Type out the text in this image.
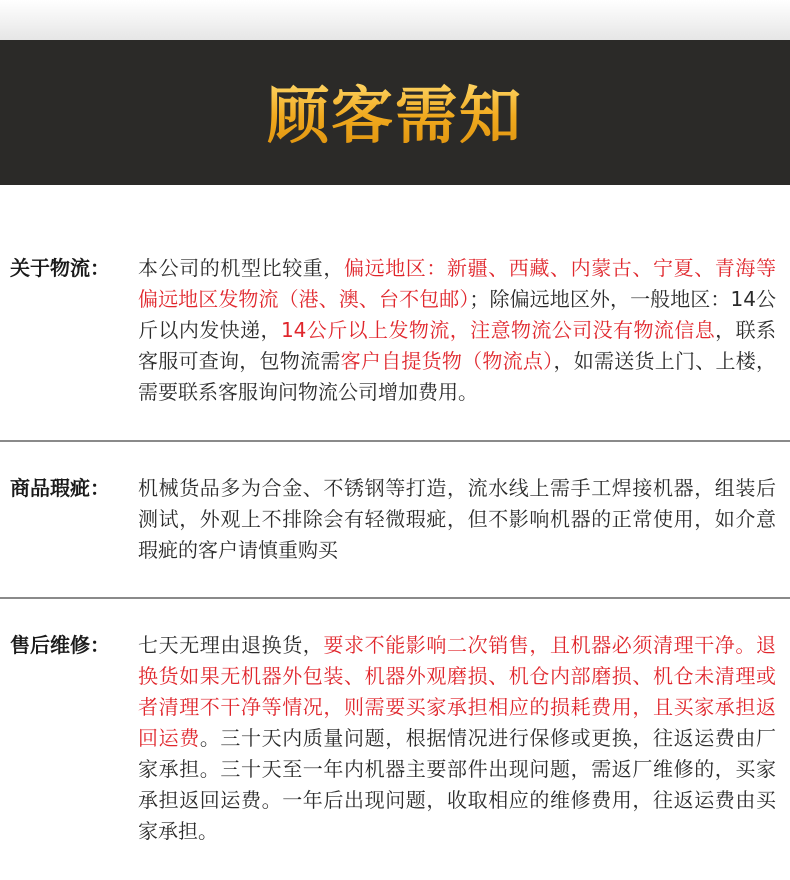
顾客需知
关于物流：	本公司的机型比较重，偏远地区：新疆、西藏、内蒙古、宁夏、青海等偏远地区发物流（港、澳、台不包邮）；除偏远地区外，一般地区：14公斤以内发快递，14公斤以上发物流，注意物流公司没有物流信息，联系客服可查询，包物流需客户自提货物（物流点），如需送货上门、上楼，需要联系客服询问物流公司增加费用。
商品瑕疵：	机械货品多为合金、不锈钢等打造，流水线上需手工焊接机器，组装后测试，外观上不排除会有轻微瑕疵，但不影响机器的正常使用，如介意瑕疵的客户请慎重购买
售后维修：	七天无理由退换货，要求不能影响二次销售，且机器必须清理干净。退换货如果无机器外包装、机器外观磨损、机仓内部磨损、机仓未清理或者清理不干净等情况，则需要买家承担相应的损耗费用，且买家承担返回运费。三十天内质量问题，根据情况进行保修或更换，往返运费由厂家承担。三十天至一年内机器主要部件出现问题，需返厂维修的，买家承担返回运费。一年后出现问题，收取相应的维修费用，往返运费由买家承担。
